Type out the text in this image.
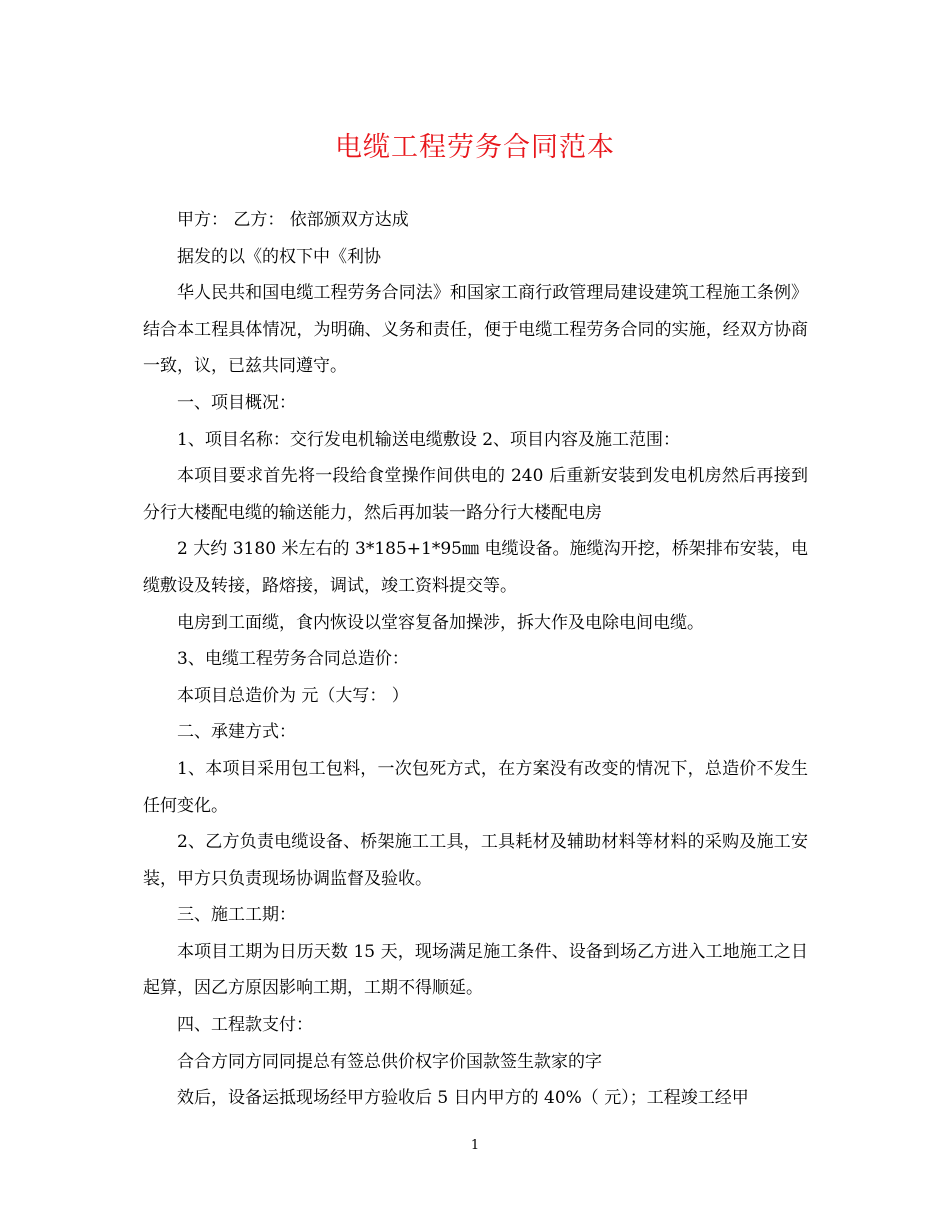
电缆工程劳务合同范本

甲方： 乙方： 依部颁双方达成

据发的以《的权下中《利协

华人民共和国电缆工程劳务合同法》和国家工商行政管理局建设建筑工程施工条例》结合本工程具体情况，为明确、义务和责任，便于电缆工程劳务合同的实施，经双方协商一致，议，已兹共同遵守。

一、项目概况：

1、项目名称：交行发电机输送电缆敷设 2、项目内容及施工范围：

本项目要求首先将一段给食堂操作间供电的 240 后重新安装到发电机房然后再接到分行大楼配电缆的输送能力，然后再加装一路分行大楼配电房

2 大约 3180 米左右的 3*185+1*95㎜ 电缆设备。施缆沟开挖，桥架排布安装，电缆敷设及转接，路熔接，调试，竣工资料提交等。

电房到工面缆，食内恢设以堂容复备加操涉，拆大作及电除电间电缆。

3、电缆工程劳务合同总造价：

本项目总造价为 元（大写： ）

二、承建方式：

1、本项目采用包工包料，一次包死方式，在方案没有改变的情况下，总造价不发生任何变化。

2、乙方负责电缆设备、桥架施工工具，工具耗材及辅助材料等材料的采购及施工安装，甲方只负责现场协调监督及验收。

三、施工工期：

本项目工期为日历天数 15 天，现场满足施工条件、设备到场乙方进入工地施工之日起算，因乙方原因影响工期，工期不得顺延。

四、工程款支付：

合合方同方同同提总有签总供价权字价国款签生款家的字

效后，设备运抵现场经甲方验收后 5 日内甲方的 40%（ 元）；工程竣工经甲

1
